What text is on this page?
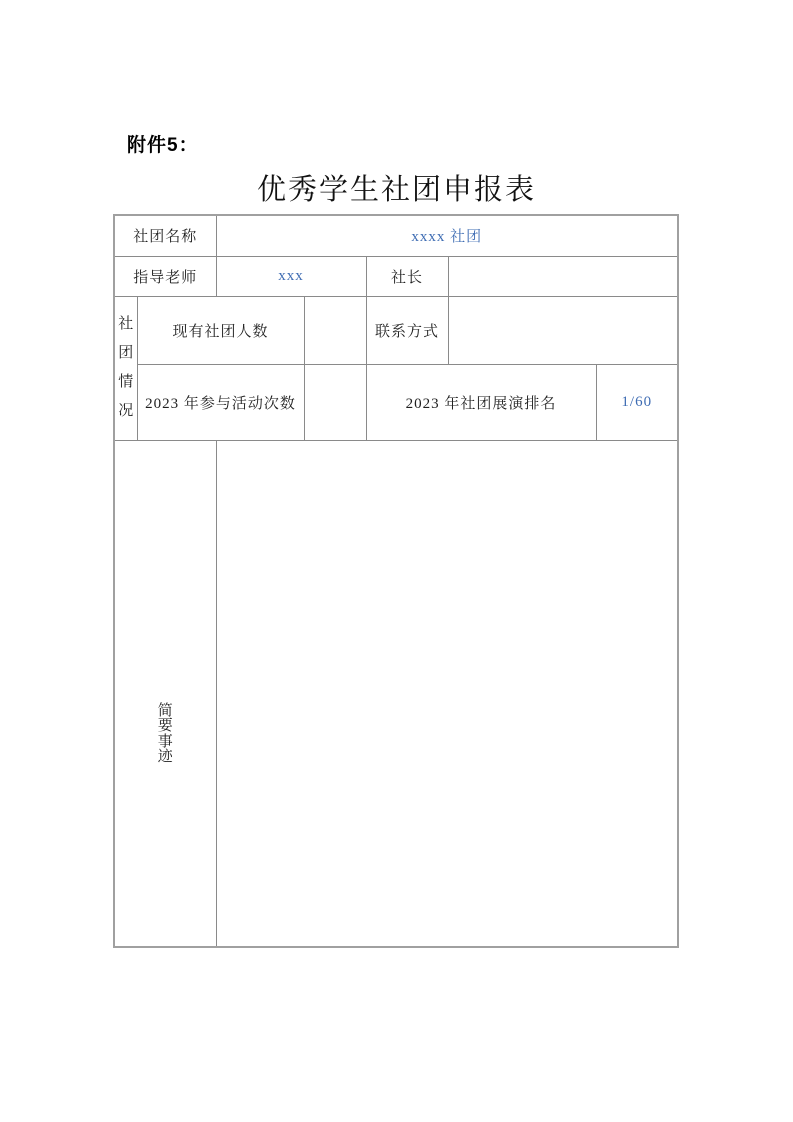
附件5：
优秀学生社团申报表
社团名称		xxxx 社团				
指导老师		xxx		社长		

社团情况	现有社团人数			联系方式		
	2023 年参与活动次数			2023 年社团展演排名		1/60

简要事迹						
